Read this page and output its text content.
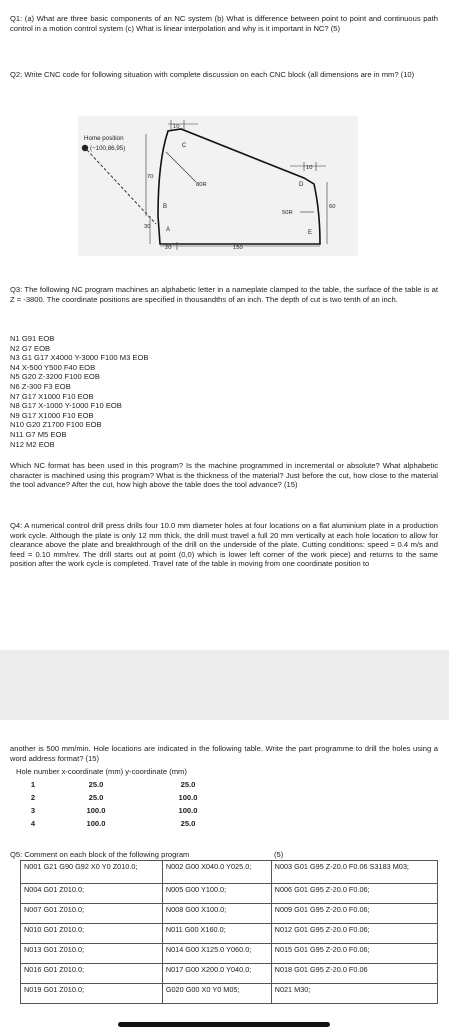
Q1: (a) What are three basic components of an NC system (b) What is difference between point to point and continuous path control in a motion control system (c) What is linear interpolation and why is it important in NC? (5)

Q2: Write CNC code for following situation with complete discussion on each CNC block (all dimensions are in mm? (10)

Home position
(−100,86,95)
70
30
10
C
80R
B
A
20	150
10
D
50R
60
E

Q3: The following NC program machines an alphabetic letter in a nameplate clamped to the table, the surface of the table is at Z = -3800. The coordinate positions are specified in thousandths of an inch. The depth of cut is two tenth of an inch.

N1 G91 EOB
N2 G7 EOB
N3 G1 G17 X4000 Y-3000 F100 M3 EOB
N4 X-500 Y500 F40 EOB
N5 G20 Z-3200 F100 EOB
N6 Z-300 F3 EOB
N7 G17 X1000 F10 EOB
N8 G17 X-1000 Y-1000 F10 EOB
N9 G17 X1000 F10 EOB
N10 G20 Z1700 F100 EOB
N11 G7 M5 EOB
N12 M2 EOB

Which NC format has been used in this program? Is the machine programmed in incremental or absolute? What alphabetic character is machined using this program? What is the thickness of the material? Just before the cut, how close to the material the tool advance? After the cut, how high above the table does the tool advance? (15)

Q4: A numerical control drill press drills four 10.0 mm diameter holes at four locations on a flat aluminium plate in a production work cycle. Although the plate is only 12 mm thick, the drill must travel a full 20 mm vertically at each hole location to allow for clearance above the plate and breakthrough of the drill on the underside of the plate. Cutting conditions: speed = 0.4 m/s and feed = 0.10 mm/rev. The drill starts out at point (0,0) which is lower left corner of the work piece) and returns to the same position after the work cycle is completed. Travel rate of the table in moving from one coordinate position to

another is 500 mm/min. Hole locations are indicated in the following table. Write the part programme to drill the holes using a word address format? (15)

Hole number x-coordinate (mm) y-coordinate (mm)
1	25.0	25.0
2	25.0	100.0
3	100.0	100.0
4	100.0	25.0
Q5: Comment on each block of the following program	(5)
N001 G21 G90 G92 X0 Y0 Z010.0;	N002 G00 X040.0 Y025.0;	N003 G01 G95 Z-20.0 F0.06 S3183 M03;
N004 G01 Z010.0;	N005 G00 Y100.0;	N006 G01 G95 Z-20.0 F0.06;
N007 G01 Z010.0;	N008 G00 X100.0;	N009 G01 G95 Z-20.0 F0.06;
N010 G01 Z010.0;	N011 G00 X160.0;	N012 G01 G95 Z-20.0 F0.06;
N013 G01 Z010.0;	N014 G00 X125.0 Y060.0;	N015 G01 G95 Z-20.0 F0.06;
N016 G01 Z010.0;	N017 G00 X200.0 Y040.0;	N018 G01 G95 Z-20.0 F0.06
N019 G01 Z010.0;	G020 G00 X0 Y0 M05;	N021 M30;
